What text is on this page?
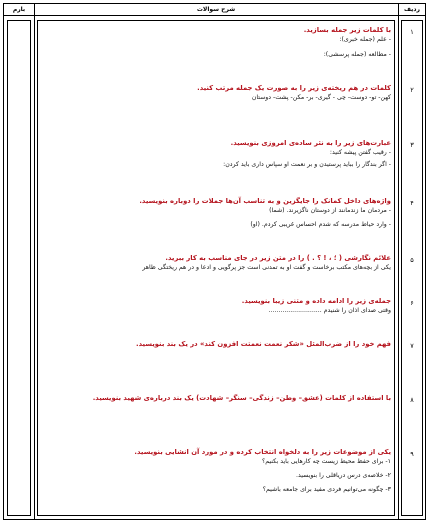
بارم	شرح سوالات	ردیف
۱
با کلمات زیر جمله بسازید.
- علم (جمله خبری):
- مطالعه (جمله پرسشی):
۲
کلمات در هم ریخته‌ی زیر را به صورت یک جمله مرتب کنید.
کهن- تو- دوست- چی - گیری- بر- مکن- پشت- دوستان
۳
عبارت‌های زیر را به نثر ساده‌ی امروزی بنویسید.
- رقیب گفتن پیشه کنید:
- اگر بندگار را بباید پرستیدن و بر نعمت او سپاس داری باید کردن:
۴
واژه‌های داخل کمانک را جایگزین و به تناسب آن‌ها جملات را دوباره بنویسید.
- مردمان ما زندمانند از دوستان ناگزیرند. (شما)
- وارد حیاط مدرسه که شدم احساس غریبی کردم. (او)
۵
علائم نگارشی ( ؛ ، ! ؟ . ) را در متن زیر در جای مناسب به کار ببرید.
یکی از بچه‌های مکتب برخاست و گفت او به تمدنی است جز پرگویی و ادعا و در هم ریختگی ظاهر
۶
جمله‌ی زیر را ادامه داده و متنی زیبا بنویسید.
وقتی صدای اذان را شنیدم ...........................
۷
فهم خود را از ضرب‌المثل «شکر نعمت نعمتت افزون کند» در یک بند بنویسید.
۸
با استفاده از کلمات (عشق– وطن– زندگی– سنگر– شهادت) یک بند درباره‌ی شهید بنویسید.
۹
یکی از موضوعات زیر را به دلخواه انتخاب کرده و در مورد آن انشایی بنویسید.
۱- برای حفظ محیط زیست چه کارهایی باید بکنیم؟
۲- خلاصه‌ی درس دریاقلی را بنویسید.
۳- چگونه می‌توانیم فردی مفید برای جامعه باشیم؟
